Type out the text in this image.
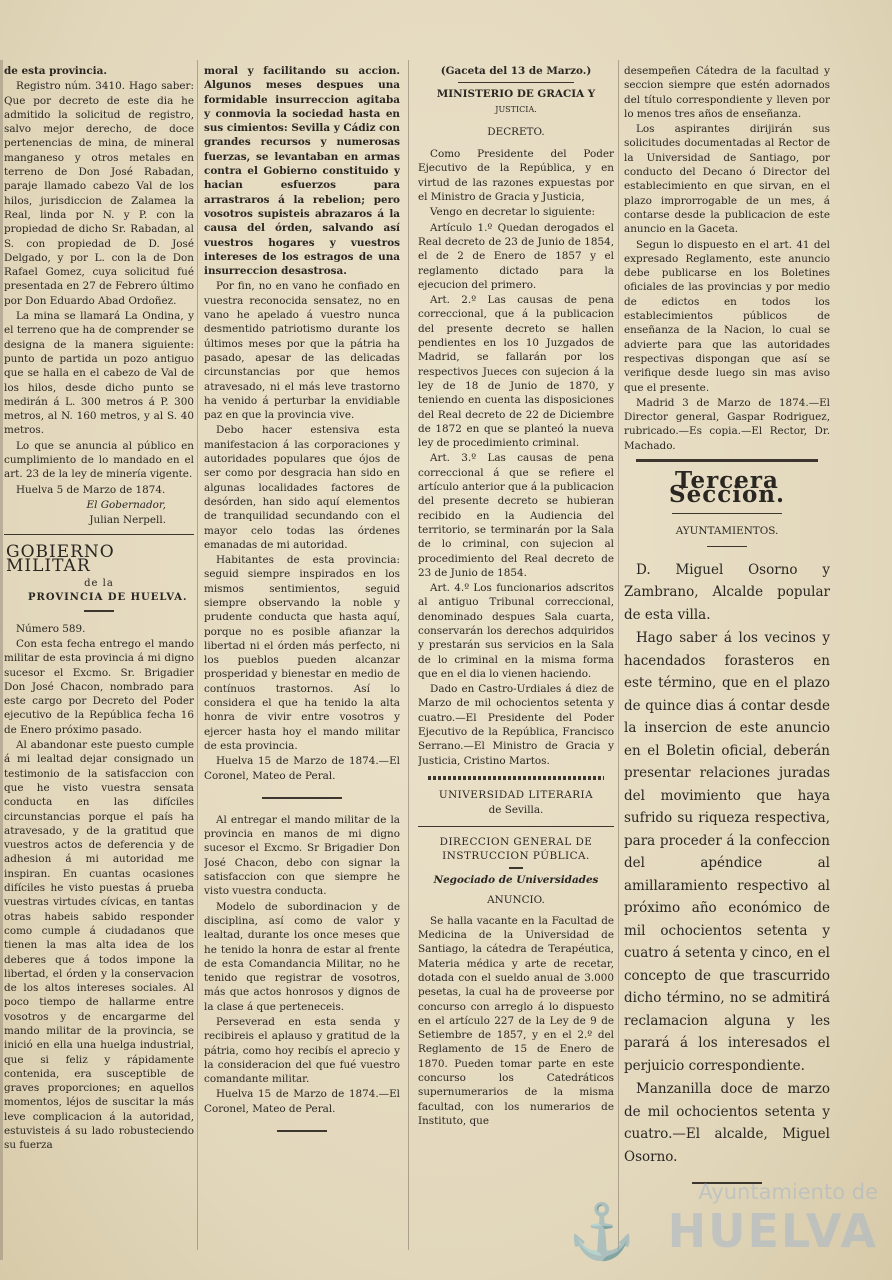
de esta provincia.

Registro núm. 3410. Hago saber: Que por decreto de este dia he admitido la solicitud de registro, salvo mejor derecho, de doce pertenencias de mina, de mineral manganeso y otros metales en terreno de Don José Rabadan, paraje llamado cabezo Val de los hilos, jurisdiccion de Zalamea la Real, linda por N. y P. con la propiedad de dicho Sr. Rabadan, al S. con propiedad de D. José Delgado, y por L. con la de Don Rafael Gomez, cuya solicitud fué presentada en 27 de Febrero último por Don Eduardo Abad Ordoñez.

La mina se llamará La Ondina, y el terreno que ha de comprender se designa de la manera siguiente: punto de partida un pozo antiguo que se halla en el cabezo de Val de los hilos, desde dicho punto se medirán á L. 300 metros á P. 300 metros, al N. 160 metros, y al S. 40 metros.

Lo que se anuncia al público en cumplimiento de lo mandado en el art. 23 de la ley de minería vigente.

Huelva 5 de Marzo de 1874.

El Gobernador,

Julian Nerpell.

GOBIERNO MILITAR
de la
PROVINCIA DE HUELVA.

Número 589.

Con esta fecha entrego el mando militar de esta provincia á mi digno sucesor el Excmo. Sr. Brigadier Don José Chacon, nombrado para este cargo por Decreto del Poder ejecutivo de la República fecha 16 de Enero próximo pasado.

Al abandonar este puesto cumple á mi lealtad dejar consignado un testimonio de la satisfaccion con que he visto vuestra sensata conducta en las difíciles circunstancias porque el país ha atravesado, y de la gratitud que vuestros actos de deferencia y de adhesion á mi autoridad me inspiran. En cuantas ocasiones difíciles he visto puestas á prueba vuestras virtudes cívicas, en tantas otras habeis sabido responder como cumple á ciudadanos que tienen la mas alta idea de los deberes que á todos impone la libertad, el órden y la conservacion de los altos intereses sociales. Al poco tiempo de hallarme entre vosotros y de encargarme del mando militar de la provincia, se inició en ella una huelga industrial, que si feliz y rápidamente contenida, era susceptible de graves proporciones; en aquellos momentos, léjos de suscitar la más leve complicacion á la autoridad, estuvisteis á su lado robusteciendo su fuerza

moral y facilitando su accion. Algunos meses despues una formidable insurreccion agitaba y conmovia la sociedad hasta en sus cimientos: Sevilla y Cádiz con grandes recursos y numerosas fuerzas, se levantaban en armas contra el Gobierno constituido y hacian esfuerzos para arrastraros á la rebelion; pero vosotros supisteis abrazaros á la causa del órden, salvando así vuestros hogares y vuestros intereses de los estragos de una insurreccion desastrosa.

Por fin, no en vano he confiado en vuestra reconocida sensatez, no en vano he apelado á vuestro nunca desmentido patriotismo durante los últimos meses por que la pátria ha pasado, apesar de las delicadas circunstancias por que hemos atravesado, ni el más leve trastorno ha venido á perturbar la envidiable paz en que la provincia vive.

Debo hacer estensiva esta manifestacion á las corporaciones y autoridades populares que ójos de ser como por desgracia han sido en algunas localidades factores de desórden, han sido aquí elementos de tranquilidad secundando con el mayor celo todas las órdenes emanadas de mi autoridad.

Habitantes de esta provincia: seguid siempre inspirados en los mismos sentimientos, seguid siempre observando la noble y prudente conducta que hasta aquí, porque no es posible afianzar la libertad ni el órden más perfecto, ni los pueblos pueden alcanzar prosperidad y bienestar en medio de contínuos trastornos. Así lo considera el que ha tenido la alta honra de vivir entre vosotros y ejercer hasta hoy el mando militar de esta provincia.

Huelva 15 de Marzo de 1874.—El Coronel, Mateo de Peral.

Al entregar el mando militar de la provincia en manos de mi digno sucesor el Excmo. Sr Brigadier Don José Chacon, debo con signar la satisfaccion con que siempre he visto vuestra conducta.

Modelo de subordinacion y de disciplina, así como de valor y lealtad, durante los once meses que he tenido la honra de estar al frente de esta Comandancia Militar, no he tenido que registrar de vosotros, más que actos honrosos y dignos de la clase á que perteneceis.

Perseverad en esta senda y recibireis el aplauso y gratitud de la pátria, como hoy recibís el aprecio y la consideracion del que fué vuestro comandante militar.

Huelva 15 de Marzo de 1874.—El Coronel, Mateo de Peral.

(Gaceta del 13 de Marzo.)

MINISTERIO DE GRACIA Y

JUSTICIA.

DECRETO.

Como Presidente del Poder Ejecutivo de la República, y en virtud de las razones expuestas por el Ministro de Gracia y Justicia,

Vengo en decretar lo siguiente:

Artículo 1.º Quedan derogados el Real decreto de 23 de Junio de 1854, el de 2 de Enero de 1857 y el reglamento dictado para la ejecucion del primero.

Art. 2.º Las causas de pena correccional, que á la publicacion del presente decreto se hallen pendientes en los 10 Juzgados de Madrid, se fallarán por los respectivos Jueces con sujecion á la ley de 18 de Junio de 1870, y teniendo en cuenta las disposiciones del Real decreto de 22 de Diciembre de 1872 en que se planteó la nueva ley de procedimiento criminal.

Art. 3.º Las causas de pena correccional á que se refiere el artículo anterior que á la publicacion del presente decreto se hubieran recibido en la Audiencia del territorio, se terminarán por la Sala de lo criminal, con sujecion al procedimiento del Real decreto de 23 de Junio de 1854.

Art. 4.º Los funcionarios adscritos al antiguo Tribunal correccional, denominado despues Sala cuarta, conservarán los derechos adquiridos y prestarán sus servicios en la Sala de lo criminal en la misma forma que en el dia lo vienen haciendo.

Dado en Castro-Urdiales á diez de Marzo de mil ochocientos setenta y cuatro.—El Presidente del Poder Ejecutivo de la República, Francisco Serrano.—El Ministro de Gracia y Justicia, Cristino Martos.

UNIVERSIDAD LITERARIA

de Sevilla.

DIRECCION GENERAL DE INSTRUCCION PÚBLICA.

Negociado de Universidades

ANUNCIO.

Se halla vacante en la Facultad de Medicina de la Universidad de Santiago, la cátedra de Terapéutica, Materia médica y arte de recetar, dotada con el sueldo anual de 3.000 pesetas, la cual ha de proveerse por concurso con arreglo á lo dispuesto en el artículo 227 de la Ley de 9 de Setiembre de 1857, y en el 2.º del Reglamento de 15 de Enero de 1870. Pueden tomar parte en este concurso los Catedráticos supernumerarios de la misma facultad, con los numerarios de Instituto, que

desempeñen Cátedra de la facultad y seccion siempre que estén adornados del título correspondiente y lleven por lo menos tres años de enseñanza.

Los aspirantes dirijirán sus solicitudes documentadas al Rector de la Universidad de Santiago, por conducto del Decano ó Director del establecimiento en que sirvan, en el plazo improrrogable de un mes, á contarse desde la publicacion de este anuncio en la Gaceta.

Segun lo dispuesto en el art. 41 del expresado Reglamento, este anuncio debe publicarse en los Boletines oficiales de las provincias y por medio de edictos en todos los establecimientos públicos de enseñanza de la Nacion, lo cual se advierte para que las autoridades respectivas dispongan que así se verifique desde luego sin mas aviso que el presente.

Madrid 3 de Marzo de 1874.—El Director general, Gaspar Rodriguez, rubricado.—Es copia.—El Rector, Dr. Machado.

Tercera Seccion.

AYUNTAMIENTOS.

D. Miguel Osorno y Zambrano, Alcalde popular de esta villa.

Hago saber á los vecinos y hacendados forasteros en este término, que en el plazo de quince dias á contar desde la insercion de este anuncio en el Boletin oficial, deberán presentar relaciones juradas del movimiento que haya sufrido su riqueza respectiva, para proceder á la confeccion del apéndice al amillaramiento respectivo al próximo año económico de mil ochocientos setenta y cuatro á setenta y cinco, en el concepto de que trascurrido dicho término, no se admitirá reclamacion alguna y les parará á los interesados el perjuicio correspondiente.

Manzanilla doce de marzo de mil ochocientos setenta y cuatro.—El alcalde, Miguel Osorno.

⚓
Ayuntamiento de
HUELVA
